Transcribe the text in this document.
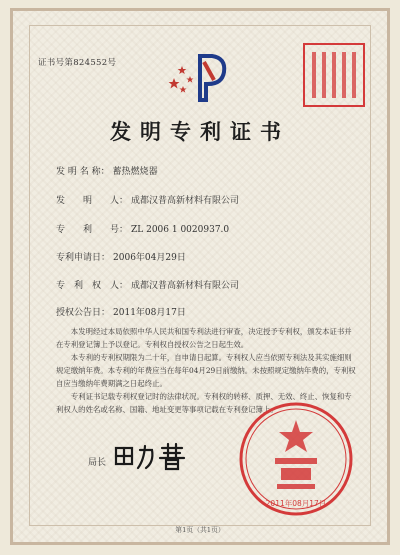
证书号第824552号
发明专利证书
发 明 名 称： 蓄热燃烧器
发　　明　　人： 成都汉普高新材料有限公司
专　　利　　号： ZL 2006 1 0020937.0
专利申请日： 2006年04月29日
专　利　权　人： 成都汉普高新材料有限公司
授权公告日： 2011年08月17日

本发明经过本局依照中华人民共和国专利法进行审查，决定授予专利权，颁发本证书并在专利登记簿上予以登记。专利权自授权公告之日起生效。

本专利的专利权期限为二十年，自申请日起算。专利权人应当依照专利法及其实施细则规定缴纳年费。本专利的年费应当在每年04月29日前缴纳。未按照规定缴纳年费的，专利权自应当缴纳年费期满之日起终止。

专利证书记载专利权登记时的法律状况。专利权的转移、质押、无效、终止、恢复和专利权人的姓名或名称、国籍、地址变更等事项记载在专利登记簿上。

局长
2011年08月17日
第1页（共1页）
